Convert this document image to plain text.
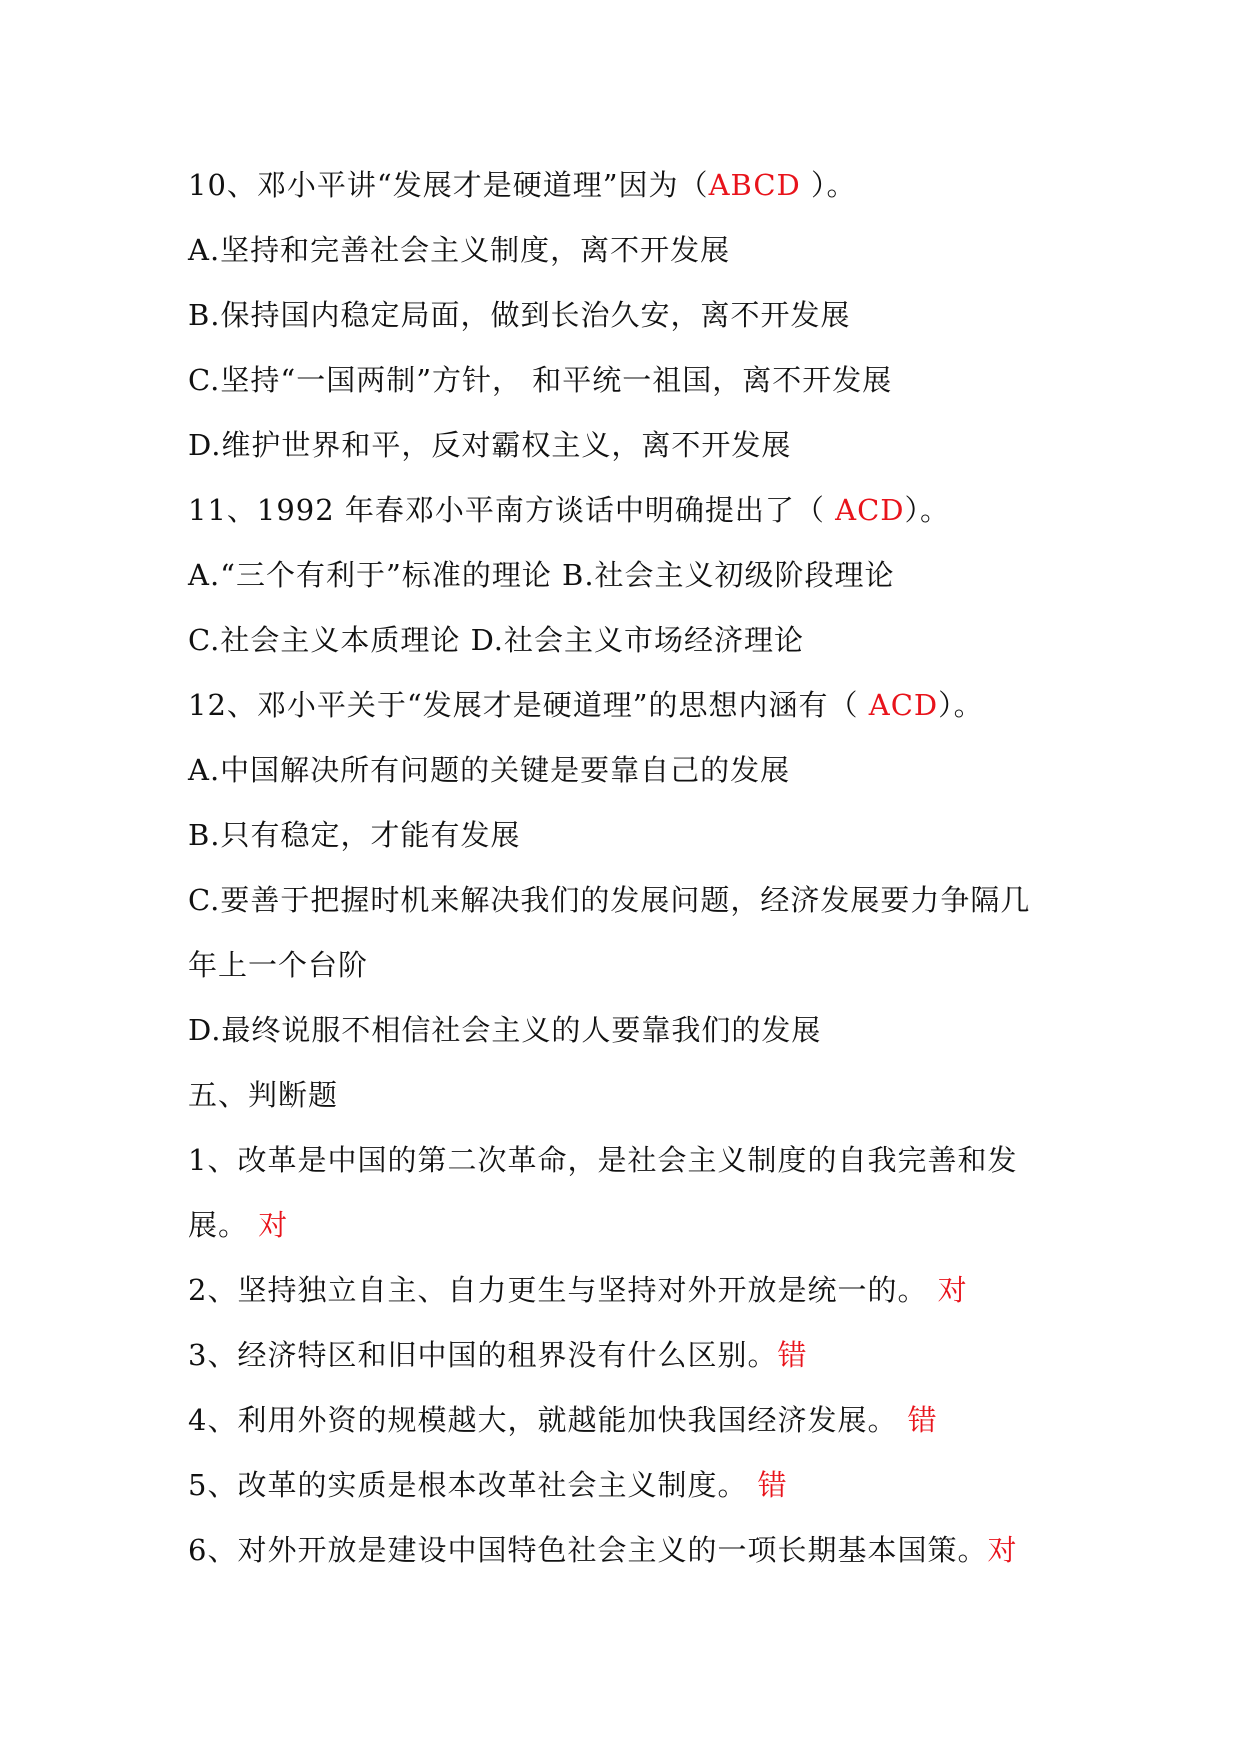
10、邓小平讲“发展才是硬道理”因为（ABCD ）。
A.坚持和完善社会主义制度，离不开发展
B.保持国内稳定局面，做到长治久安，离不开发展
C.坚持“一国两制”方针， 和平统一祖国，离不开发展
D.维护世界和平，反对霸权主义，离不开发展
11、1992 年春邓小平南方谈话中明确提出了（ ACD）。
A.“三个有利于”标准的理论 B.社会主义初级阶段理论
C.社会主义本质理论 D.社会主义市场经济理论
12、邓小平关于“发展才是硬道理”的思想内涵有（ ACD）。
A.中国解决所有问题的关键是要靠自己的发展
B.只有稳定，才能有发展
C.要善于把握时机来解决我们的发展问题，经济发展要力争隔几
年上一个台阶
D.最终说服不相信社会主义的人要靠我们的发展
五、判断题
1、改革是中国的第二次革命，是社会主义制度的自我完善和发
展。 对
2、坚持独立自主、自力更生与坚持对外开放是统一的。 对
3、经济特区和旧中国的租界没有什么区别。错
4、利用外资的规模越大，就越能加快我国经济发展。 错
5、改革的实质是根本改革社会主义制度。 错
6、对外开放是建设中国特色社会主义的一项长期基本国策。对
